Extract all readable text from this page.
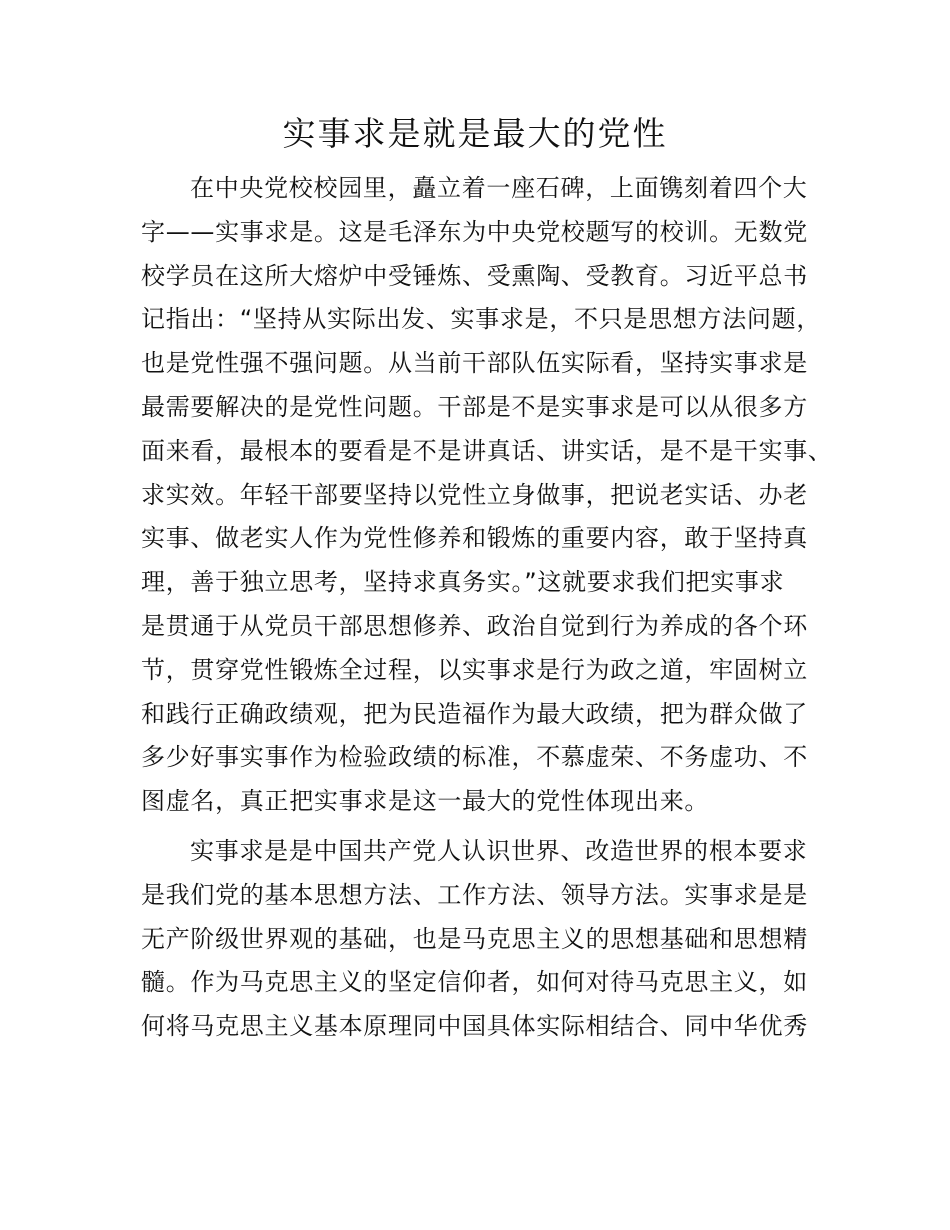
实事求是就是最大的党性

在中央党校校园里，矗立着一座石碑，上面镌刻着四个大
字——实事求是。这是毛泽东为中央党校题写的校训。无数党
校学员在这所大熔炉中受锤炼、受熏陶、受教育。习近平总书
记指出：“坚持从实际出发、实事求是，不只是思想方法问题，
也是党性强不强问题。从当前干部队伍实际看，坚持实事求是
最需要解决的是党性问题。干部是不是实事求是可以从很多方
面来看，最根本的要看是不是讲真话、讲实话，是不是干实事、
求实效。年轻干部要坚持以党性立身做事，把说老实话、办老
实事、做老实人作为党性修养和锻炼的重要内容，敢于坚持真
理，善于独立思考，坚持求真务实。”这就要求我们把实事求
是贯通于从党员干部思想修养、政治自觉到行为养成的各个环
节，贯穿党性锻炼全过程，以实事求是行为政之道，牢固树立
和践行正确政绩观，把为民造福作为最大政绩，把为群众做了
多少好事实事作为检验政绩的标准，不慕虚荣、不务虚功、不
图虚名，真正把实事求是这一最大的党性体现出来。

实事求是是中国共产党人认识世界、改造世界的根本要求
是我们党的基本思想方法、工作方法、领导方法。实事求是是
无产阶级世界观的基础，也是马克思主义的思想基础和思想精
髓。作为马克思主义的坚定信仰者，如何对待马克思主义，如
何将马克思主义基本原理同中国具体实际相结合、同中华优秀
